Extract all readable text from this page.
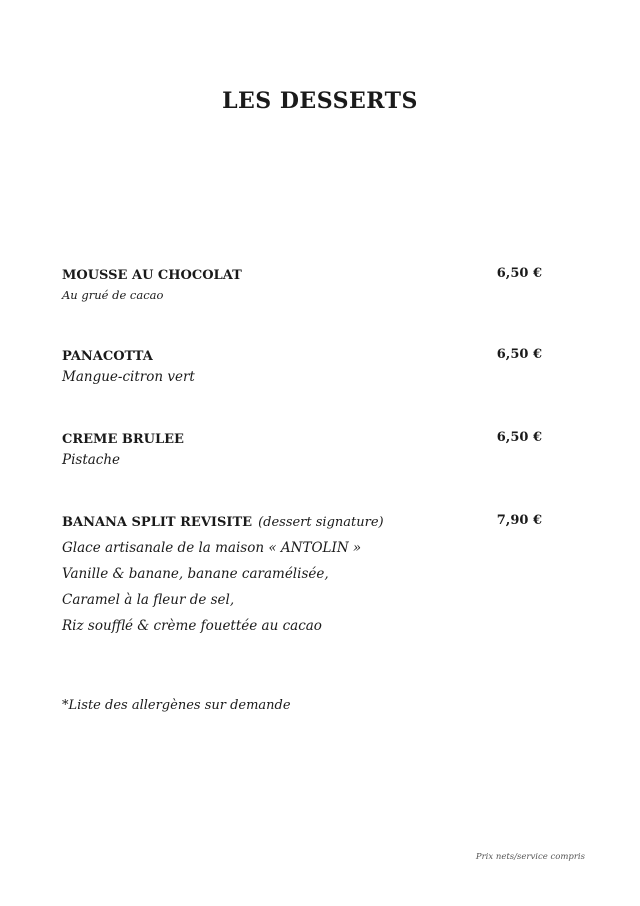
LES DESSERTS
MOUSSE AU CHOCOLAT	6,50 €
Au grué de cacao
PANACOTTA	6,50 €
Mangue-citron vert
CREME BRULEE	6,50 €
Pistache
BANANA SPLIT REVISITE (dessert signature)	7,90 €
Glace artisanale de la maison « ANTOLIN »
Vanille & banane, banane caramélisée,
Caramel à la fleur de sel,
Riz soufflé & crème fouettée au cacao
*Liste des allergènes sur demande
Prix nets/service compris
